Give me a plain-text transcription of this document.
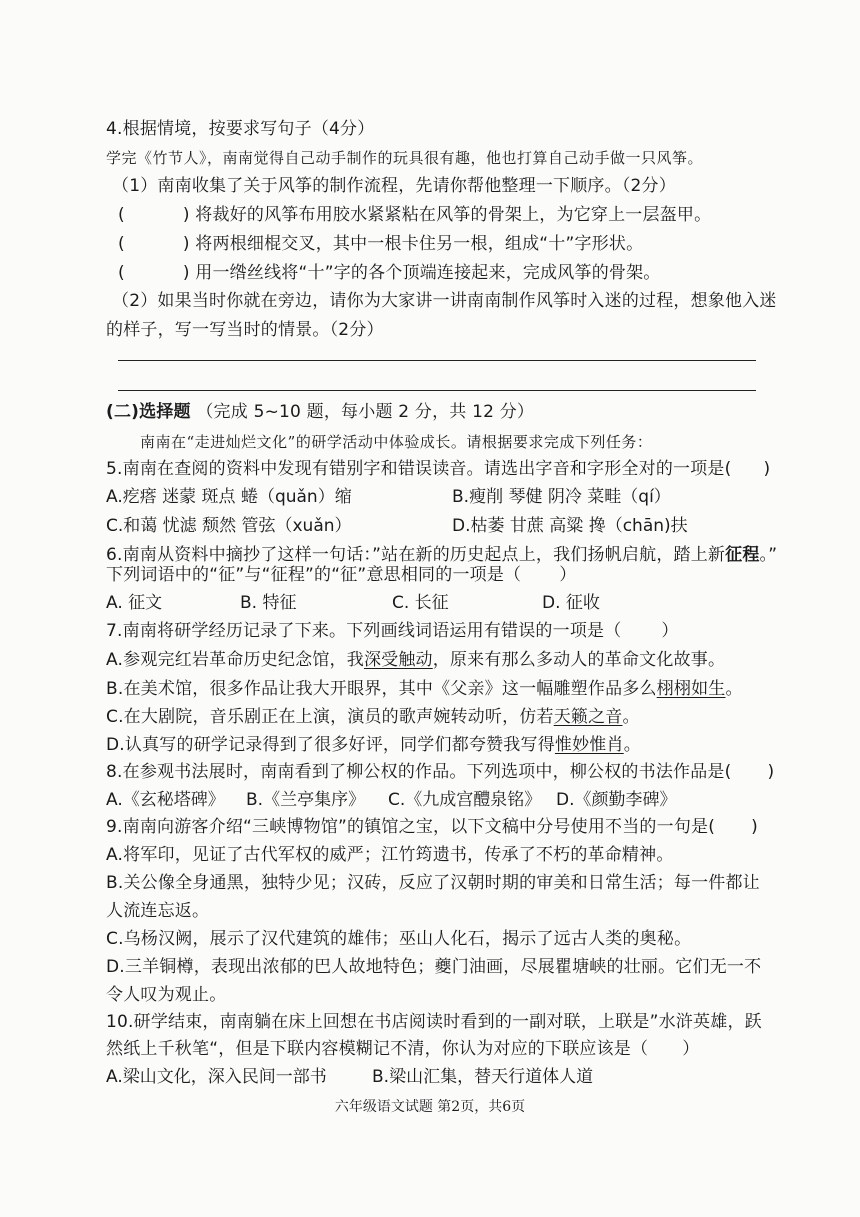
4.根据情境，按要求写句子（4分）
学完《竹节人》，南南觉得自己动手制作的玩具很有趣，他也打算自己动手做一只风筝。
（1）南南收集了关于风筝的制作流程，先请你帮他整理一下顺序。（2分）
(	) 将裁好的风筝布用胶水紧紧粘在风筝的骨架上，为它穿上一层盔甲。
(	) 将两根细棍交叉，其中一根卡住另一根，组成“十”字形状。
(	) 用一绺丝线将“十”字的各个顶端连接起来，完成风筝的骨架。
（2）如果当时你就在旁边，请你为大家讲一讲南南制作风筝时入迷的过程，想象他入迷
的样子，写一写当时的情景。（2分）
(二)选择题 （完成 5~10 题，每小题 2 分，共 12 分）
南南在“走进灿烂文化”的研学活动中体验成长。请根据要求完成下列任务：
5.南南在查阅的资料中发现有错别字和错误读音。请选出字音和字形全对的一项是( )
A.疙瘩 迷蒙 斑点 蜷（quǎn）缩	B.瘦削 琴健 阴冷 菜畦（qí）
C.和蔼 忧滤 颓然 管弦（xuǎn）	D.枯萎 甘蔗 高粱 搀（chān)扶
6.南南从资料中摘抄了这样一句话：”站在新的历史起点上，我们扬帆启航，踏上新征程。”
下列词语中的“征”与“征程”的“征”意思相同的一项是（ ）
A. 征文	B. 特征	C. 长征	D. 征收
7.南南将研学经历记录了下来。下列画线词语运用有错误的一项是（ ）
A.参观完红岩革命历史纪念馆，我深受触动，原来有那么多动人的革命文化故事。
B.在美术馆，很多作品让我大开眼界，其中《父亲》这一幅雕塑作品多么栩栩如生。
C.在大剧院，音乐剧正在上演，演员的歌声婉转动听，仿若天籁之音。
D.认真写的研学记录得到了很多好评，同学们都夸赞我写得惟妙惟肖。
8.在参观书法展时，南南看到了柳公权的作品。下列选项中，柳公权的书法作品是( )
A.《玄秘塔碑》 B.《兰亭集序》 C.《九成宫醴泉铭》 D.《颜勤李碑》
9.南南向游客介绍“三峡博物馆”的镇馆之宝，以下文稿中分号使用不当的一句是( )
A.将军印，见证了古代军权的威严；江竹筠遗书，传承了不朽的革命精神。
B.关公像全身通黑，独特少见；汉砖，反应了汉朝时期的审美和日常生活；每一件都让
人流连忘返。
C.乌杨汉阙，展示了汉代建筑的雄伟；巫山人化石，揭示了远古人类的奥秘。
D.三羊铜樽，表现出浓郁的巴人故地特色；夔门油画，尽展瞿塘峡的壮丽。它们无一不
令人叹为观止。
10.研学结束，南南躺在床上回想在书店阅读时看到的一副对联，上联是”水浒英雄，跃
然纸上千秋笔“，但是下联内容模糊记不清，你认为对应的下联应该是（ ）
A.梁山文化，深入民间一部书	B.梁山汇集，替天行道体人道
六年级语文试题 第2页，共6页
